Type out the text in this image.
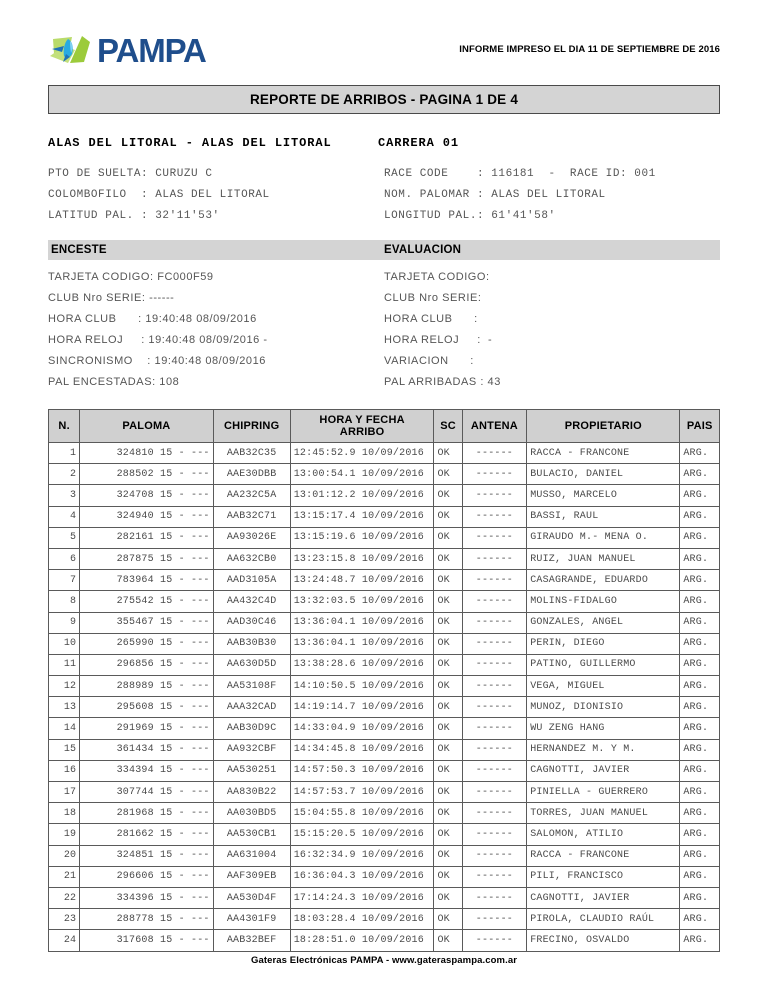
PAMPA	INFORME IMPRESO EL DIA 11 DE SEPTIEMBRE DE 2016
REPORTE DE ARRIBOS - PAGINA 1 DE 4
ALAS DEL LITORAL - ALAS DEL LITORAL	CARRERA 01
PTO DE SUELTA: CURUZU C
COLOMBOFILO  : ALAS DEL LITORAL
LATITUD PAL. : 32'11'53'
RACE CODE    : 116181  -  RACE ID: 001
NOM. PALOMAR : ALAS DEL LITORAL
LONGITUD PAL.: 61'41'58'
ENCESTE	EVALUACION
TARJETA CODIGO: FC000F59
CLUB Nro SERIE: ------
HORA CLUB      : 19:40:48 08/09/2016
HORA RELOJ     : 19:40:48 08/09/2016 -
SINCRONISMO    : 19:40:48 08/09/2016
PAL ENCESTADAS: 108
TARJETA CODIGO:
CLUB Nro SERIE:
HORA CLUB      :
HORA RELOJ     :  -
VARIACION      :
PAL ARRIBADAS : 43
N.	PALOMA	CHIPRING	HORA Y FECHA
ARRIBO	SC	ANTENA	PROPIETARIO	PAIS
1	324810 15 - ---	AAB32C35	12:45:52.9 10/09/2016	OK	------	RACCA - FRANCONE	ARG.
2	288502 15 - ---	AAE30DBB	13:00:54.1 10/09/2016	OK	------	BULACIO, DANIEL	ARG.
3	324708 15 - ---	AA232C5A	13:01:12.2 10/09/2016	OK	------	MUSSO, MARCELO	ARG.
4	324940 15 - ---	AAB32C71	13:15:17.4 10/09/2016	OK	------	BASSI, RAUL	ARG.
5	282161 15 - ---	AA93026E	13:15:19.6 10/09/2016	OK	------	GIRAUDO M.- MENA O.	ARG.
6	287875 15 - ---	AA632CB0	13:23:15.8 10/09/2016	OK	------	RUIZ, JUAN MANUEL	ARG.
7	783964 15 - ---	AAD3105A	13:24:48.7 10/09/2016	OK	------	CASAGRANDE, EDUARDO	ARG.
8	275542 15 - ---	AA432C4D	13:32:03.5 10/09/2016	OK	------	MOLINS-FIDALGO	ARG.
9	355467 15 - ---	AAD30C46	13:36:04.1 10/09/2016	OK	------	GONZALES, ANGEL	ARG.
10	265990 15 - ---	AAB30B30	13:36:04.1 10/09/2016	OK	------	PERIN, DIEGO	ARG.
11	296856 15 - ---	AA630D5D	13:38:28.6 10/09/2016	OK	------	PATINO, GUILLERMO	ARG.
12	288989 15 - ---	AA53108F	14:10:50.5 10/09/2016	OK	------	VEGA, MIGUEL	ARG.
13	295608 15 - ---	AAA32CAD	14:19:14.7 10/09/2016	OK	------	MUNOZ, DIONISIO	ARG.
14	291969 15 - ---	AAB30D9C	14:33:04.9 10/09/2016	OK	------	WU ZENG HANG	ARG.
15	361434 15 - ---	AA932CBF	14:34:45.8 10/09/2016	OK	------	HERNANDEZ M. Y M.	ARG.
16	334394 15 - ---	AA530251	14:57:50.3 10/09/2016	OK	------	CAGNOTTI, JAVIER	ARG.
17	307744 15 - ---	AA830B22	14:57:53.7 10/09/2016	OK	------	PINIELLA - GUERRERO	ARG.
18	281968 15 - ---	AA030BD5	15:04:55.8 10/09/2016	OK	------	TORRES, JUAN MANUEL	ARG.
19	281662 15 - ---	AA530CB1	15:15:20.5 10/09/2016	OK	------	SALOMON, ATILIO	ARG.
20	324851 15 - ---	AA631004	16:32:34.9 10/09/2016	OK	------	RACCA - FRANCONE	ARG.
21	296606 15 - ---	AAF309EB	16:36:04.3 10/09/2016	OK	------	PILI, FRANCISCO	ARG.
22	334396 15 - ---	AA530D4F	17:14:24.3 10/09/2016	OK	------	CAGNOTTI, JAVIER	ARG.
23	288778 15 - ---	AA4301F9	18:03:28.4 10/09/2016	OK	------	PIROLA, CLAUDIO RAÚL	ARG.
24	317608 15 - ---	AAB32BEF	18:28:51.0 10/09/2016	OK	------	FRECINO, OSVALDO	ARG.
Gateras Electrónicas PAMPA - www.gateraspampa.com.ar
